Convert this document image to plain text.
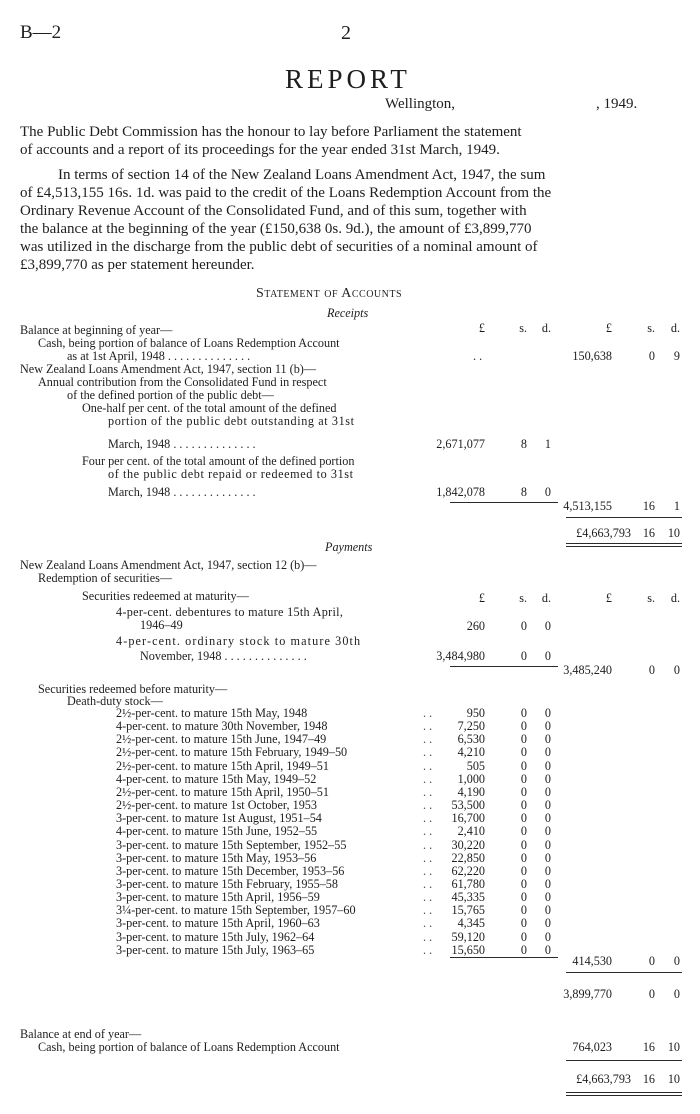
B—2	2
REPORT
Wellington,	, 1949.
The Public Debt Commission has the honour to lay before Parliament the statement
of accounts and a report of its proceedings for the year ended 31st March, 1949.
In terms of section 14 of the New Zealand Loans Amendment Act, 1947, the sum
of £4,513,155 16s. 1d. was paid to the credit of the Loans Redemption Account from the
Ordinary Revenue Account of the Consolidated Fund, and of this sum, together with
the balance at the beginning of the year (£150,638 0s. 9d.), the amount of £3,899,770
was utilized in the discharge from the public debt of securities of a nominal amount of
£3,899,770 as per statement hereunder.
Statement of Accounts
Receipts
£	s.	d.	£	s.	d.
Balance at beginning of year—
Cash, being portion of balance of Loans Redemption Account
as at 1st April, 1948 . .	. .	150,638	0	9
New Zealand Loans Amendment Act, 1947, section 11 (b)—
Annual contribution from the Consolidated Fund in respect
of the defined portion of the public debt—
One-half per cent. of the total amount of the defined
portion of the public debt outstanding at 31st
March, 1948 . .	2,671,077	8	1
Four per cent. of the total amount of the defined portion
of the public debt repaid or redeemed to 31st
March, 1948 . .	1,842,078	8	0
4,513,155	16	1
£4,663,793 16	10
Payments
New Zealand Loans Amendment Act, 1947, section 12 (b)—
Redemption of securities—
Securities redeemed at maturity—	£	s.	d.	£	s.	d.
4-per-cent. debentures to mature 15th April,
1946–49	260	0	0
4-per-cent. ordinary stock to mature 30th
November, 1948 . .	3,484,980	0	0
3,485,240	0	0
Securities redeemed before maturity—
Death-duty stock—
2½-per-cent. to mature 15th May, 1948	. .	950	0	0
4-per-cent. to mature 30th November, 1948	. .	7,250	0	0
2½-per-cent. to mature 15th June, 1947–49	. .	6,530	0	0
2½-per-cent. to mature 15th February, 1949–50	. .	4,210	0	0
2½-per-cent. to mature 15th April, 1949–51	. .	505	0	0
4-per-cent. to mature 15th May, 1949–52	. .	1,000	0	0
2½-per-cent. to mature 15th April, 1950–51	. .	4,190	0	0
2½-per-cent. to mature 1st October, 1953	. .	53,500	0	0
3-per-cent. to mature 1st August, 1951–54	. .	16,700	0	0
4-per-cent. to mature 15th June, 1952–55	. .	2,410	0	0
3-per-cent. to mature 15th September, 1952–55	. .	30,220	0	0
3-per-cent. to mature 15th May, 1953–56	. .	22,850	0	0
3-per-cent. to mature 15th December, 1953–56	. .	62,220	0	0
3-per-cent. to mature 15th February, 1955–58	. .	61,780	0	0
3-per-cent. to mature 15th April, 1956–59	. .	45,335	0	0
3¼-per-cent. to mature 15th September, 1957–60	. .	15,765	0	0
3-per-cent. to mature 15th April, 1960–63	. .	4,345	0	0
3-per-cent. to mature 15th July, 1962–64	. .	59,120	0	0
3-per-cent. to mature 15th July, 1963–65	. .	15,650	0	0
414,530	0	0
3,899,770	0	0
Balance at end of year—
Cash, being portion of balance of Loans Redemption Account	764,023	16	10
£4,663,793 16	10
